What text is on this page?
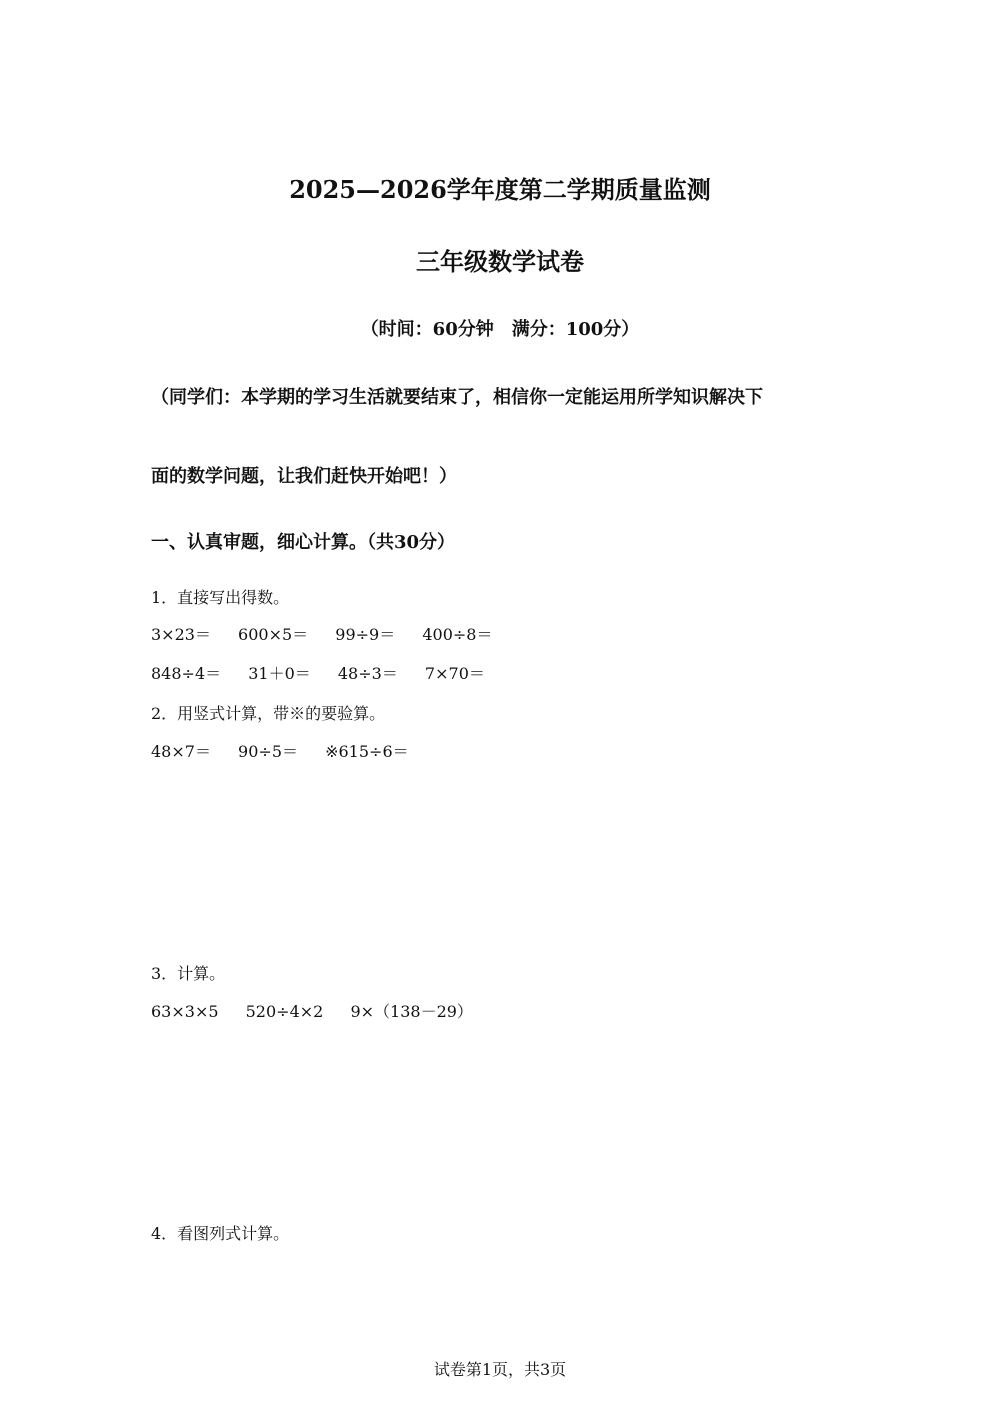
2025—2026学年度第二学期质量监测
三年级数学试卷
（时间：60分钟　满分：100分）
（同学们：本学期的学习生活就要结束了，相信你一定能运用所学知识解决下
面的数学问题，让我们赶快开始吧！）
一、认真审题，细心计算。（共30分）
1．直接写出得数。
3×23＝ 600×5＝ 99÷9＝ 400÷8＝
848÷4＝ 31＋0＝ 48÷3＝ 7×70＝
2．用竖式计算，带※的要验算。
48×7＝ 90÷5＝ ※615÷6＝
3．计算。
63×3×5 520÷4×2 9×（138－29）
4．看图列式计算。
试卷第1页，共3页
